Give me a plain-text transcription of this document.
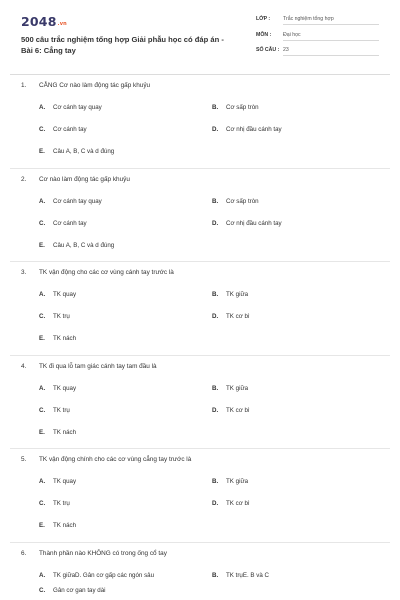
2048.vn
500 câu trắc nghiệm tổng hợp Giải phẫu học có đáp án - Bài 6: Cẳng tay
LỚP : Trắc nghiệm tổng hợp
MÔN : Đại học
SỐ CÂU : 23
1. CẲNG Cơ nào làm động tác gấp khuỷu
A. Cơ cánh tay quay	B. Cơ sấp tròn
C. Cơ cánh tay	D. Cơ nhị đầu cánh tay
E. Câu A, B, C và d đúng
2. Cơ nào làm động tác gấp khuỷu
A. Cơ cánh tay quay	B. Cơ sấp tròn
C. Cơ cánh tay	D. Cơ nhị đầu cánh tay
E. Câu A, B, C và d đúng
3. TK vận động cho các cơ vùng cánh tay trước là
A. TK quay	B. TK giữa
C. TK trụ	D. TK cơ bì
E. TK nách
4. TK đi qua lỗ tam giác cánh tay tam đầu là
A. TK quay	B. TK giữa
C. TK trụ	D. TK cơ bì
E. TK nách
5. TK vận động chính cho các cơ vùng cẳng tay trước là
A. TK quay	B. TK giữa
C. TK trụ	D. TK cơ bì
E. TK nách
6. Thành phần nào KHÔNG có trong ống cổ tay
A. TK giữaD. Gân cơ gấp các ngón sâu	B. TK trụE. B và C
C. Gân cơ gan tay dài
